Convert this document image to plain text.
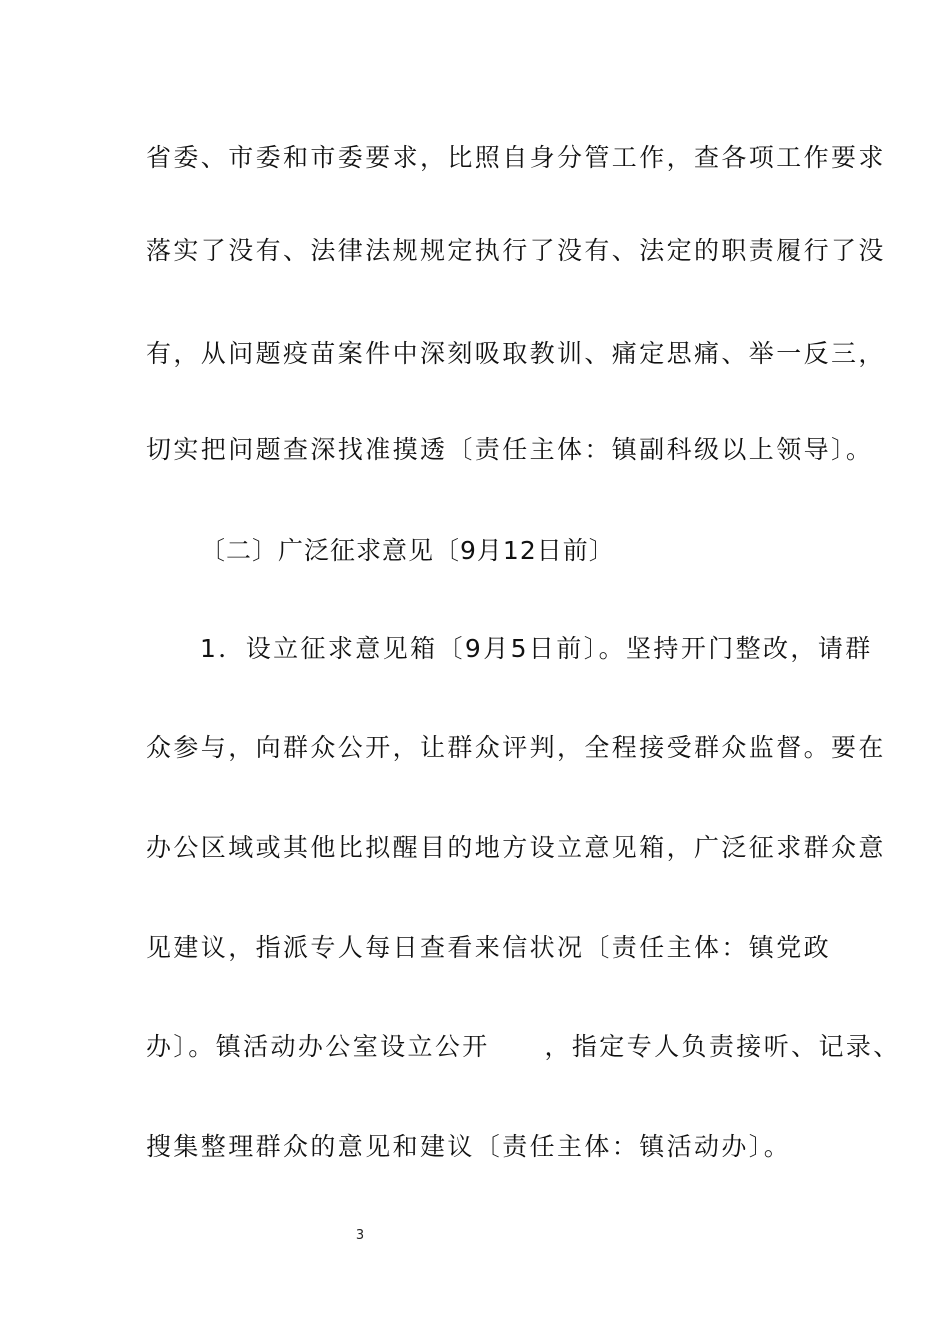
省委、市委和市委要求，比照自身分管工作，查各项工作要求
落实了没有、法律法规规定执行了没有、法定的职责履行了没
有，从问题疫苗案件中深刻吸取教训、痛定思痛、举一反三，
切实把问题查深找准摸透〔责任主体：镇副科级以上领导〕。
〔二〕广泛征求意见〔9月12日前〕
1．设立征求意见箱〔9月5日前〕。坚持开门整改，请群
众参与，向群众公开，让群众评判，全程接受群众监督。要在
办公区域或其他比拟醒目的地方设立意见箱，广泛征求群众意
见建议，指派专人每日查看来信状况〔责任主体：镇党政
办〕。镇活动办公室设立公开　　，指定专人负责接听、记录、
搜集整理群众的意见和建议〔责任主体：镇活动办〕。
3
